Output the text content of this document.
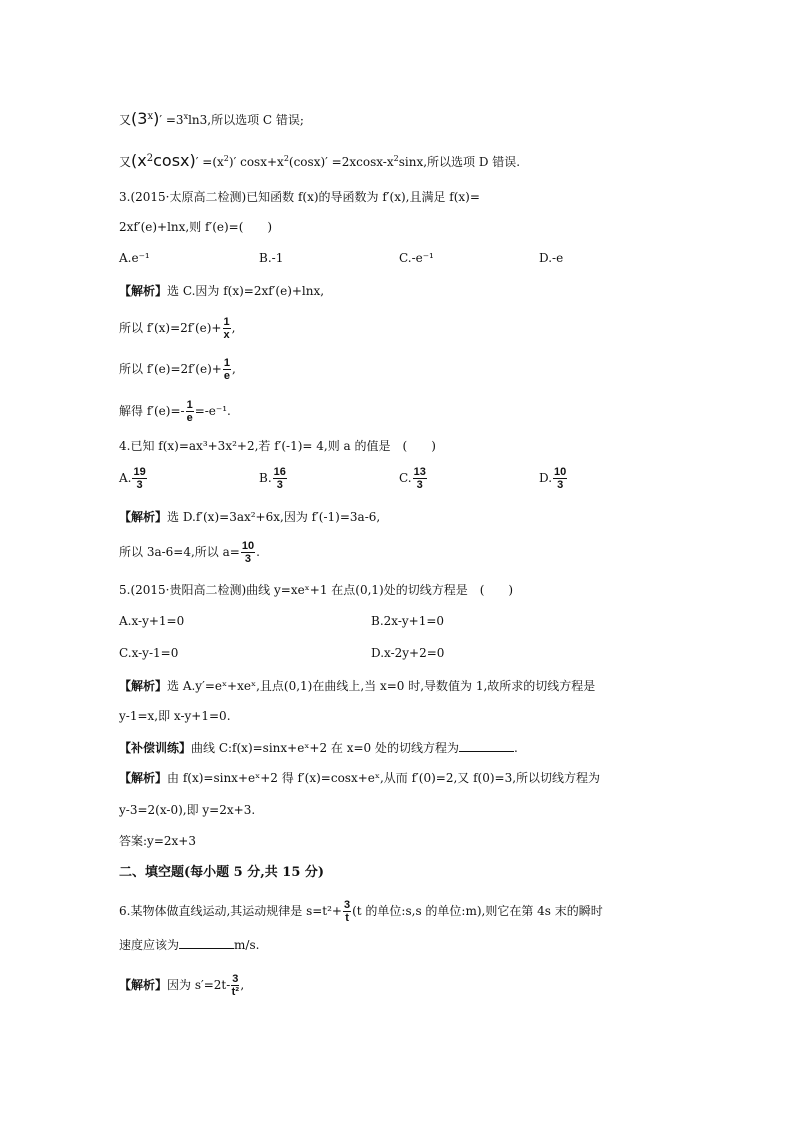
又$(3^x)' =3^x\ln 3$,所以选项 C 错误;
又$(x^2\cos x)' =(x^2)'$ $\cos x+x^2(\cos x)' =2xcosx-x^2\sin x$,所以选项 D 错误.
3.(2015·太原高二检测)已知函数 f(x)的导函数为 f′(x),且满足 f(x)=
2xf′(e)+lnx,则 f′(e)=(　　)
A.e⁻¹	B.-1	C.-e⁻¹	D.-e
【解析】选 C.因为 f(x)=2xf′(e)+lnx,
所以 $f'(x)=2f'(e)+ \frac{1}{x}$ ,
所以 $f'(e)=2f'(e)+ \frac{1}{e}$ ,
解得 $f'(e)=- \frac{1}{e} =-e^{-1}$.
4.已知 f(x)=ax³+3x²+2,若 f′(-1)= 4,则 a 的值是　(　　)
A. $\frac{19}{3}$	B. $\frac{16}{3}$	C. $\frac{13}{3}$	D. $\frac{10}{3}$
【解析】选 D.f′(x)=3ax²+6x,因为 f′(-1)=3a-6,
所以 3a-6=4,所以 $a= \frac{10}{3}$ .
5.(2015·贵阳高二检测)曲线 y=xeˣ+1 在点(0,1)处的切线方程是　(　　)
A.x-y+1=0	B.2x-y+1=0
C.x-y-1=0	D.x-2y+2=0
【解析】选 A.y′=eˣ+xeˣ,且点(0,1)在曲线上,当 x=0 时,导数值为 1,故所求的切线方程是
y-1=x,即 x-y+1=0.
【补偿训练】曲线 C:f(x)=sinx+eˣ+2 在 x=0 处的切线方程为	.
【解析】由 f(x)=sinx+eˣ+2 得 f′(x)=cosx+eˣ,从而 f′(0)=2,又 f(0)=3,所以切线方程为
y-3=2(x-0),即 y=2x+3.
答案:y=2x+3
二、填空题(每小题 5 分,共 15 分)
6.某物体做直线运动,其运动规律是 $s=t^2+ \frac{3}{t} (t$ 的单位:s,s 的单位:m),则它在第 4s 末的瞬时
速度应该为	m/s.
【解析】因为 $s'=2t- \frac{3}{\text{t²}}$ ,
